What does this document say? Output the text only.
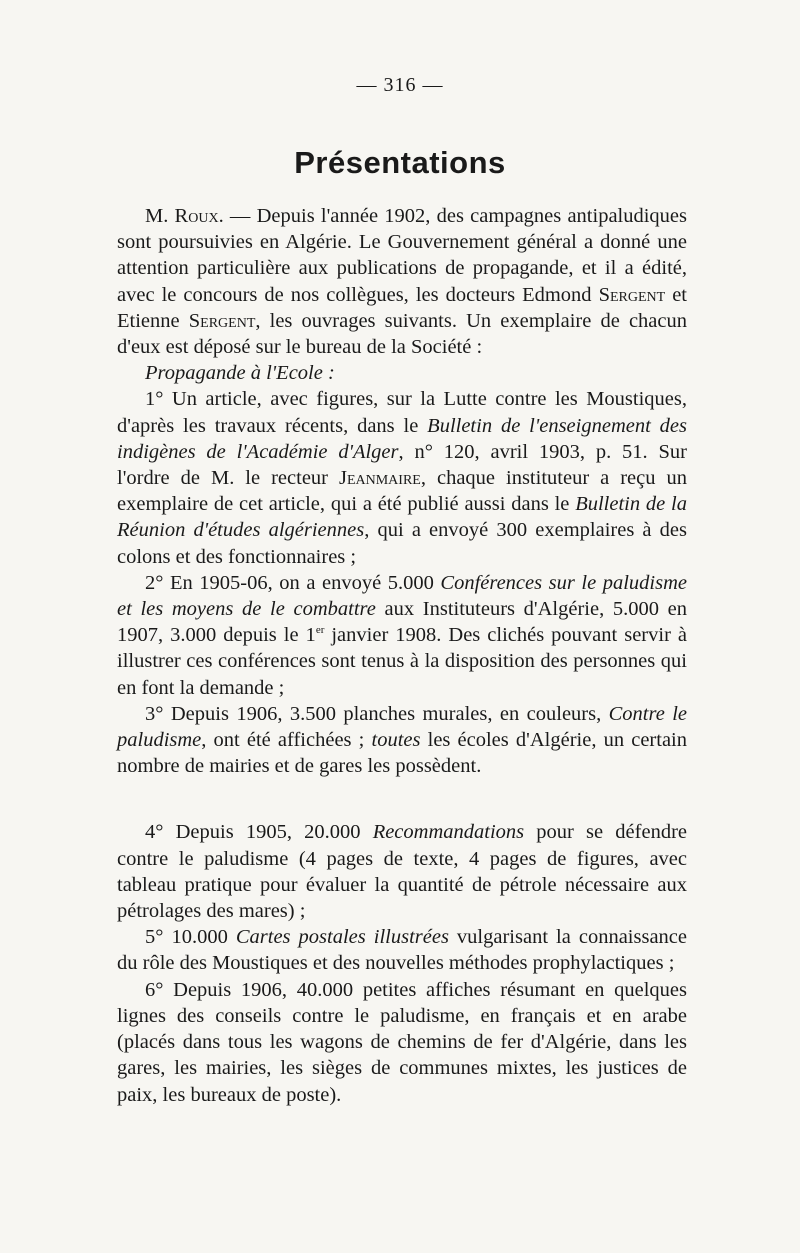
— 316 —
Présentations

M. Roux. — Depuis l'année 1902, des campagnes antipaludiques sont poursuivies en Algérie. Le Gouvernement général a donné une attention particulière aux publications de propagande, et il a édité, avec le concours de nos collègues, les docteurs Edmond Sergent et Etienne Sergent, les ouvrages suivants. Un exemplaire de chacun d'eux est déposé sur le bureau de la Société :

Propagande à l'Ecole :

1° Un article, avec figures, sur la Lutte contre les Moustiques, d'après les travaux récents, dans le Bulletin de l'enseignement des indigènes de l'Académie d'Alger, n° 120, avril 1903, p. 51. Sur l'ordre de M. le recteur Jeanmaire, chaque instituteur a reçu un exemplaire de cet article, qui a été publié aussi dans le Bulletin de la Réunion d'études algériennes, qui a envoyé 300 exemplaires à des colons et des fonctionnaires ;

2° En 1905-06, on a envoyé 5.000 Conférences sur le paludisme et les moyens de le combattre aux Instituteurs d'Algérie, 5.000 en 1907, 3.000 depuis le 1er janvier 1908. Des clichés pouvant servir à illustrer ces conférences sont tenus à la disposition des personnes qui en font la demande ;

3° Depuis 1906, 3.500 planches murales, en couleurs, Contre le paludisme, ont été affichées ; toutes les écoles d'Algérie, un certain nombre de mairies et de gares les possèdent.

4° Depuis 1905, 20.000 Recommandations pour se défendre contre le paludisme (4 pages de texte, 4 pages de figures, avec tableau pratique pour évaluer la quantité de pétrole nécessaire aux pétrolages des mares) ;

5° 10.000 Cartes postales illustrées vulgarisant la connaissance du rôle des Moustiques et des nouvelles méthodes prophylactiques ;

6° Depuis 1906, 40.000 petites affiches résumant en quelques lignes des conseils contre le paludisme, en français et en arabe (placés dans tous les wagons de chemins de fer d'Algérie, dans les gares, les mairies, les sièges de communes mixtes, les justices de paix, les bureaux de poste).
